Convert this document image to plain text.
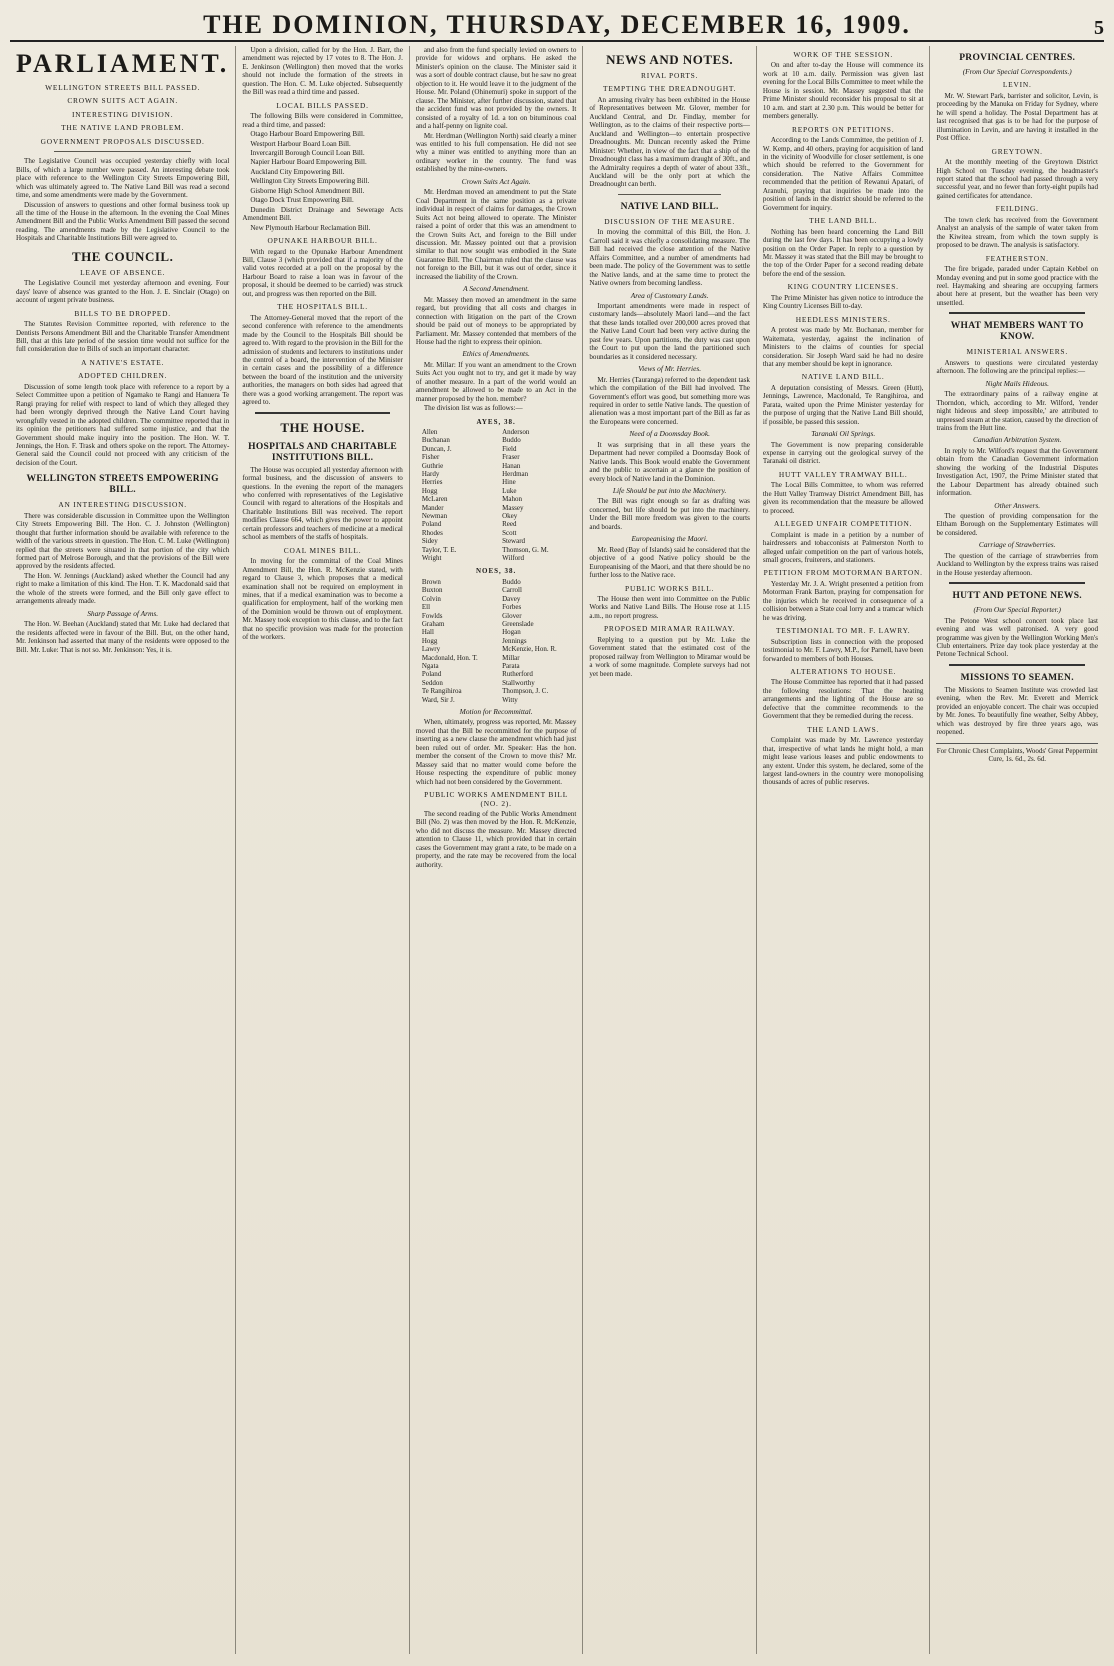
THE DOMINION, THURSDAY, DECEMBER 16, 1909.	5
PARLIAMENT.
WELLINGTON STREETS BILL PASSED.
CROWN SUITS ACT AGAIN.
INTERESTING DIVISION.
THE NATIVE LAND PROBLEM.
GOVERNMENT PROPOSALS DISCUSSED.

The Legislative Council was occupied yesterday chiefly with local Bills, of which a large number were passed. An interesting debate took place with reference to the Wellington City Streets Empowering Bill, which was ultimately agreed to. The Native Land Bill was read a second time, and some amendments were made by the Government.

Discussion of answers to questions and other formal business took up all the time of the House in the afternoon. In the evening the Coal Mines Amendment Bill and the Public Works Amendment Bill passed the second reading. The amendments made by the Legislative Council to the Hospitals and Charitable Institutions Bill were agreed to.

THE COUNCIL.
LEAVE OF ABSENCE.

The Legislative Council met yesterday afternoon and evening. Four days' leave of absence was granted to the Hon. J. E. Sinclair (Otago) on account of urgent private business.

BILLS TO BE DROPPED.

The Statutes Revision Committee reported, with reference to the Dentists Persons Amendment Bill and the Charitable Transfer Amendment Bill, that at this late period of the session time would not suffice for the full consideration due to Bills of such an important character.

A NATIVE'S ESTATE.
ADOPTED CHILDREN.

Discussion of some length took place with reference to a report by a Select Committee upon a petition of Ngamako te Rangi and Hanuera Te Rangi praying for relief with respect to land of which they alleged they had been wrongly deprived through the Native Land Court having wrongfully vested in the adopted children. The committee reported that in its opinion the petitioners had suffered some injustice, and that the Government should make inquiry into the position. The Hon. W. T. Jennings, the Hon. F. Trask and others spoke on the report. The Attorney-General said the Council could not proceed with any criticism of the decision of the Court.

WELLINGTON STREETS EMPOWERING BILL.
AN INTERESTING DISCUSSION.

There was considerable discussion in Committee upon the Wellington City Streets Empowering Bill. The Hon. C. J. Johnston (Wellington) thought that further information should be available with reference to the width of the various streets in question. The Hon. C. M. Luke (Wellington) replied that the streets were situated in that portion of the city which formed part of Melrose Borough, and that the provisions of the Bill were approved by the residents affected.

The Hon. W. Jennings (Auckland) asked whether the Council had any right to make a limitation of this kind. The Hon. T. K. Macdonald said that the whole of the streets were formed, and the Bill only gave effect to arrangements already made.

Sharp Passage of Arms.

The Hon. W. Beehan (Auckland) stated that Mr. Luke had declared that the residents affected were in favour of the Bill. But, on the other hand, Mr. Jenkinson had asserted that many of the residents were opposed to the Bill. Mr. Luke: That is not so. Mr. Jenkinson: Yes, it is.

Upon a division, called for by the Hon. J. Barr, the amendment was rejected by 17 votes to 8. The Hon. J. E. Jenkinson (Wellington) then moved that the works should not include the formation of the streets in question. The Hon. C. M. Luke objected. Subsequently the Bill was read a third time and passed.

LOCAL BILLS PASSED.

The following Bills were considered in Committee, read a third time, and passed:

Otago Harbour Board Empowering Bill.

Westport Harbour Board Loan Bill.

Invercargill Borough Council Loan Bill.

Napier Harbour Board Empowering Bill.

Auckland City Empowering Bill.

Wellington City Streets Empowering Bill.

Gisborne High School Amendment Bill.

Otago Dock Trust Empowering Bill.

Dunedin District Drainage and Sewerage Acts Amendment Bill.

New Plymouth Harbour Reclamation Bill.

OPUNAKE HARBOUR BILL.

With regard to the Opunake Harbour Amendment Bill, Clause 3 (which provided that if a majority of the valid votes recorded at a poll on the proposal by the Harbour Board to raise a loan was in favour of the proposal, it should be deemed to be carried) was struck out, and progress was then reported on the Bill.

THE HOSPITALS BILL.

The Attorney-General moved that the report of the second conference with reference to the amendments made by the Council to the Hospitals Bill should be agreed to. With regard to the provision in the Bill for the admission of students and lecturers to institutions under the control of a board, the intervention of the Minister in certain cases and the possibility of a difference between the board of the institution and the university authorities, the managers on both sides had agreed that there was a good working arrangement. The report was agreed to.

THE HOUSE.
HOSPITALS AND CHARITABLE INSTITUTIONS BILL.

The House was occupied all yesterday afternoon with formal business, and the discussion of answers to questions. In the evening the report of the managers who conferred with representatives of the Legislative Council with regard to alterations of the Hospitals and Charitable Institutions Bill was received. The report modifies Clause 664, which gives the power to appoint certain professors and teachers of medicine at a medical school as members of the staffs of hospitals.

COAL MINES BILL.

In moving for the committal of the Coal Mines Amendment Bill, the Hon. R. McKenzie stated, with regard to Clause 3, which proposes that a medical examination shall not be required on employment in mines, that if a medical examination was to become a qualification for employment, half of the working men of the Dominion would be thrown out of employment. Mr. Massey took exception to this clause, and to the fact that no specific provision was made for the protection of the workers.

and also from the fund specially levied on owners to provide for widows and orphans. He asked the Minister's opinion on the clause. The Minister said it was a sort of double contract clause, but he saw no great objection to it. He would leave it to the judgment of the House. Mr. Poland (Ohinemuri) spoke in support of the clause. The Minister, after further discussion, stated that the accident fund was not provided by the owners. It consisted of a royalty of 1d. a ton on bituminous coal and a half-penny on lignite coal.

Mr. Herdman (Wellington North) said clearly a miner was entitled to his full compensation. He did not see why a miner was entitled to anything more than an ordinary worker in the country. The fund was established by the mine-owners.

Crown Suits Act Again.

Mr. Herdman moved an amendment to put the State Coal Department in the same position as a private individual in respect of claims for damages, the Crown Suits Act not being allowed to operate. The Minister raised a point of order that this was an amendment to the Crown Suits Act, and foreign to the Bill under discussion. Mr. Massey pointed out that a provision similar to that now sought was embodied in the State Guarantee Bill. The Chairman ruled that the clause was not foreign to the Bill, but it was out of order, since it increased the liability of the Crown.

A Second Amendment.

Mr. Massey then moved an amendment in the same regard, but providing that all costs and charges in connection with litigation on the part of the Crown should be paid out of moneys to be appropriated by Parliament. Mr. Massey contended that members of the House had the right to express their opinion.

Ethics of Amendments.

Mr. Millar: If you want an amendment to the Crown Suits Act you ought not to try, and get it made by way of another measure. In a part of the world would an amendment be allowed to be made to an Act in the manner proposed by the hon. member?

The division list was as follows:—

AYES, 38.
Allen	Anderson
Buchanan	Buddo
Duncan, J.	Field
Fisher	Fraser
Guthrie	Hanan
Hardy	Herdman
Herries	Hine
Hogg	Luke
McLaren	Mahon
Mander	Massey
Newman	Okey
Poland	Reed
Rhodes	Scott
Sidey	Steward
Taylor, T. E.	Thomson, G. M.
Wright	Wilford
NOES, 38.
Brown	Buddo
Buxton	Carroll
Colvin	Davey
Ell	Forbes
Fowlds	Glover
Graham	Greenslade
Hall	Hogan
Hogg	Jennings
Lawry	McKenzie, Hon. R.
Macdonald, Hon. T.	Millar
Ngata	Parata
Poland	Rutherford
Seddon	Stallworthy
Te Rangihiroa	Thompson, J. C.
Ward, Sir J.	Witty
Motion for Recommittal.

When, ultimately, progress was reported, Mr. Massey moved that the Bill be recommitted for the purpose of inserting as a new clause the amendment which had just been ruled out of order. Mr. Speaker: Has the hon. member the consent of the Crown to move this? Mr. Massey said that no matter would come before the House respecting the expenditure of public money which had not been considered by the Government.

PUBLIC WORKS AMENDMENT BILL (NO. 2).

The second reading of the Public Works Amendment Bill (No. 2) was then moved by the Hon. R. McKenzie, who did not discuss the measure. Mr. Massey directed attention to Clause 11, which provided that in certain cases the Government may grant a rate, to be made on a property, and the rate may be recovered from the local authority.

NEWS AND NOTES.
RIVAL PORTS.
TEMPTING THE DREADNOUGHT.

An amusing rivalry has been exhibited in the House of Representatives between Mr. Glover, member for Auckland Central, and Dr. Findlay, member for Wellington, as to the claims of their respective ports—Auckland and Wellington—to entertain prospective Dreadnoughts. Mr. Duncan recently asked the Prime Minister: Whether, in view of the fact that a ship of the Dreadnought class has a maximum draught of 30ft., and the Admiralty requires a depth of water of about 33ft., Auckland will be the only port at which the Dreadnought can berth.

NATIVE LAND BILL.
DISCUSSION OF THE MEASURE.

In moving the committal of this Bill, the Hon. J. Carroll said it was chiefly a consolidating measure. The Bill had received the close attention of the Native Affairs Committee, and a number of amendments had been made. The policy of the Government was to settle the Native lands, and at the same time to protect the Native owners from becoming landless.

Area of Customary Lands.

Important amendments were made in respect of customary lands—absolutely Maori land—and the fact that these lands totalled over 200,000 acres proved that the Native Land Court had been very active during the past few years. Upon partitions, the duty was cast upon the Court to put upon the land the partitioned such boundaries as it considered necessary.

Views of Mr. Herries.

Mr. Herries (Tauranga) referred to the dependent task which the compilation of the Bill had involved. The Government's effort was good, but something more was required in order to settle Native lands. The question of alienation was a most important part of the Bill as far as the Europeans were concerned.

Need of a Doomsday Book.

It was surprising that in all these years the Department had never compiled a Doomsday Book of Native lands. This Book would enable the Government and the public to ascertain at a glance the position of every block of Native land in the Dominion.

Life Should be put into the Machinery.

The Bill was right enough so far as drafting was concerned, but life should be put into the machinery. Under the Bill more freedom was given to the courts and boards.

Europeanising the Maori.

Mr. Reed (Bay of Islands) said he considered that the objective of a good Native policy should be the Europeanising of the Maori, and that there should be no further loss to the Native race.

PUBLIC WORKS BILL.

The House then went into Committee on the Public Works and Native Land Bills. The House rose at 1.15 a.m., no report progress.

PROPOSED MIRAMAR RAILWAY.

Replying to a question put by Mr. Luke the Government stated that the estimated cost of the proposed railway from Wellington to Miramar would be a work of some magnitude. Complete surveys had not yet been made.

WORK OF THE SESSION.

On and after to-day the House will commence its work at 10 a.m. daily. Permission was given last evening for the Local Bills Committee to meet while the House is in session. Mr. Massey suggested that the Prime Minister should reconsider his proposal to sit at 10 a.m. and start at 2.30 p.m. This would be better for members generally.

REPORTS ON PETITIONS.

According to the Lands Committee, the petition of J. W. Kemp, and 40 others, praying for acquisition of land in the vicinity of Woodville for closer settlement, is one which should be referred to the Government for consideration. The Native Affairs Committee recommended that the petition of Rewanui Apatari, of Aranuhi, praying that inquiries be made into the position of lands in the district should be referred to the Government for inquiry.

THE LAND BILL.

Nothing has been heard concerning the Land Bill during the last few days. It has been occupying a lowly position on the Order Paper. In reply to a question by Mr. Massey it was stated that the Bill may be brought to the top of the Order Paper for a second reading debate before the end of the session.

KING COUNTRY LICENSES.

The Prime Minister has given notice to introduce the King Country Licenses Bill to-day.

HEEDLESS MINISTERS.

A protest was made by Mr. Buchanan, member for Waitemata, yesterday, against the inclination of Ministers to the claims of counties for special consideration. Sir Joseph Ward said he had no desire that any member should be kept in ignorance.

NATIVE LAND BILL.

A deputation consisting of Messrs. Green (Hutt), Jennings, Lawrence, Macdonald, Te Rangihiroa, and Parata, waited upon the Prime Minister yesterday for the purpose of urging that the Native Land Bill should, if possible, be passed this session.

Taranaki Oil Springs.

The Government is now preparing considerable expense in carrying out the geological survey of the Taranaki oil district.

HUTT VALLEY TRAMWAY BILL.

The Local Bills Committee, to whom was referred the Hutt Valley Tramway District Amendment Bill, has given its recommendation that the measure be allowed to proceed.

ALLEGED UNFAIR COMPETITION.

Complaint is made in a petition by a number of hairdressers and tobacconists at Palmerston North to alleged unfair competition on the part of various hotels, small grocers, fruiterers, and stationers.

PETITION FROM MOTORMAN BARTON.

Yesterday Mr. J. A. Wright presented a petition from Motorman Frank Barton, praying for compensation for the injuries which he received in consequence of a collision between a State coal lorry and a tramcar which he was driving.

TESTIMONIAL TO MR. F. LAWRY.

Subscription lists in connection with the proposed testimonial to Mr. F. Lawry, M.P., for Parnell, have been forwarded to members of both Houses.

ALTERATIONS TO HOUSE.

The House Committee has reported that it had passed the following resolutions: That the heating arrangements and the lighting of the House are so defective that the committee recommends to the Government that they be remedied during the recess.

THE LAND LAWS.

Complaint was made by Mr. Lawrence yesterday that, irrespective of what lands he might hold, a man might lease various leases and public endowments to any extent. Under this system, he declared, some of the largest land-owners in the country were monopolising thousands of acres of public reserves.

PROVINCIAL CENTRES.
(From Our Special Correspondents.)
LEVIN.

Mr. W. Stewart Park, barrister and solicitor, Levin, is proceeding by the Manuka on Friday for Sydney, where he will spend a holiday. The Postal Department has at last recognised that gas is to be had for the purpose of illumination in Levin, and are having it installed in the Post Office.

GREYTOWN.

At the monthly meeting of the Greytown District High School on Tuesday evening, the headmaster's report stated that the school had passed through a very successful year, and no fewer than forty-eight pupils had gained certificates for attendance.

FEILDING.

The town clerk has received from the Government Analyst an analysis of the sample of water taken from the Kiwitea stream, from which the town supply is proposed to be drawn. The analysis is satisfactory.

FEATHERSTON.

The fire brigade, paraded under Captain Kebbel on Monday evening and put in some good practice with the reel. Haymaking and shearing are occupying farmers about here at present, but the weather has been very unsettled.

WHAT MEMBERS WANT TO KNOW.
MINISTERIAL ANSWERS.

Answers to questions were circulated yesterday afternoon. The following are the principal replies:—

Night Mails Hideous.

The extraordinary pains of a railway engine at Thorndon, which, according to Mr. Wilford, 'render night hideous and sleep impossible,' are attributed to unpressed steam at the station, caused by the direction of trains from the Hutt line.

Canadian Arbitration System.

In reply to Mr. Wilford's request that the Government obtain from the Canadian Government information showing the working of the Industrial Disputes Investigation Act, 1907, the Prime Minister stated that the Labour Department has already obtained such information.

Other Answers.

The question of providing compensation for the Eltham Borough on the Supplementary Estimates will be considered.

Carriage of Strawberries.

The question of the carriage of strawberries from Auckland to Wellington by the express trains was raised in the House yesterday afternoon.

HUTT AND PETONE NEWS.
(From Our Special Reporter.)

The Petone West school concert took place last evening and was well patronised. A very good programme was given by the Wellington Working Men's Club entertainers. Prize day took place yesterday at the Petone Technical School.

MISSIONS TO SEAMEN.

The Missions to Seamen Institute was crowded last evening, when the Rev. Mr. Everett and Merrick provided an enjoyable concert. The chair was occupied by Mr. Jones. To beautifully fine weather, Selby Abbey, which was destroyed by fire three years ago, was reopened.

For Chronic Chest Complaints, Woods' Great Peppermint Cure, 1s. 6d., 2s. 6d.
